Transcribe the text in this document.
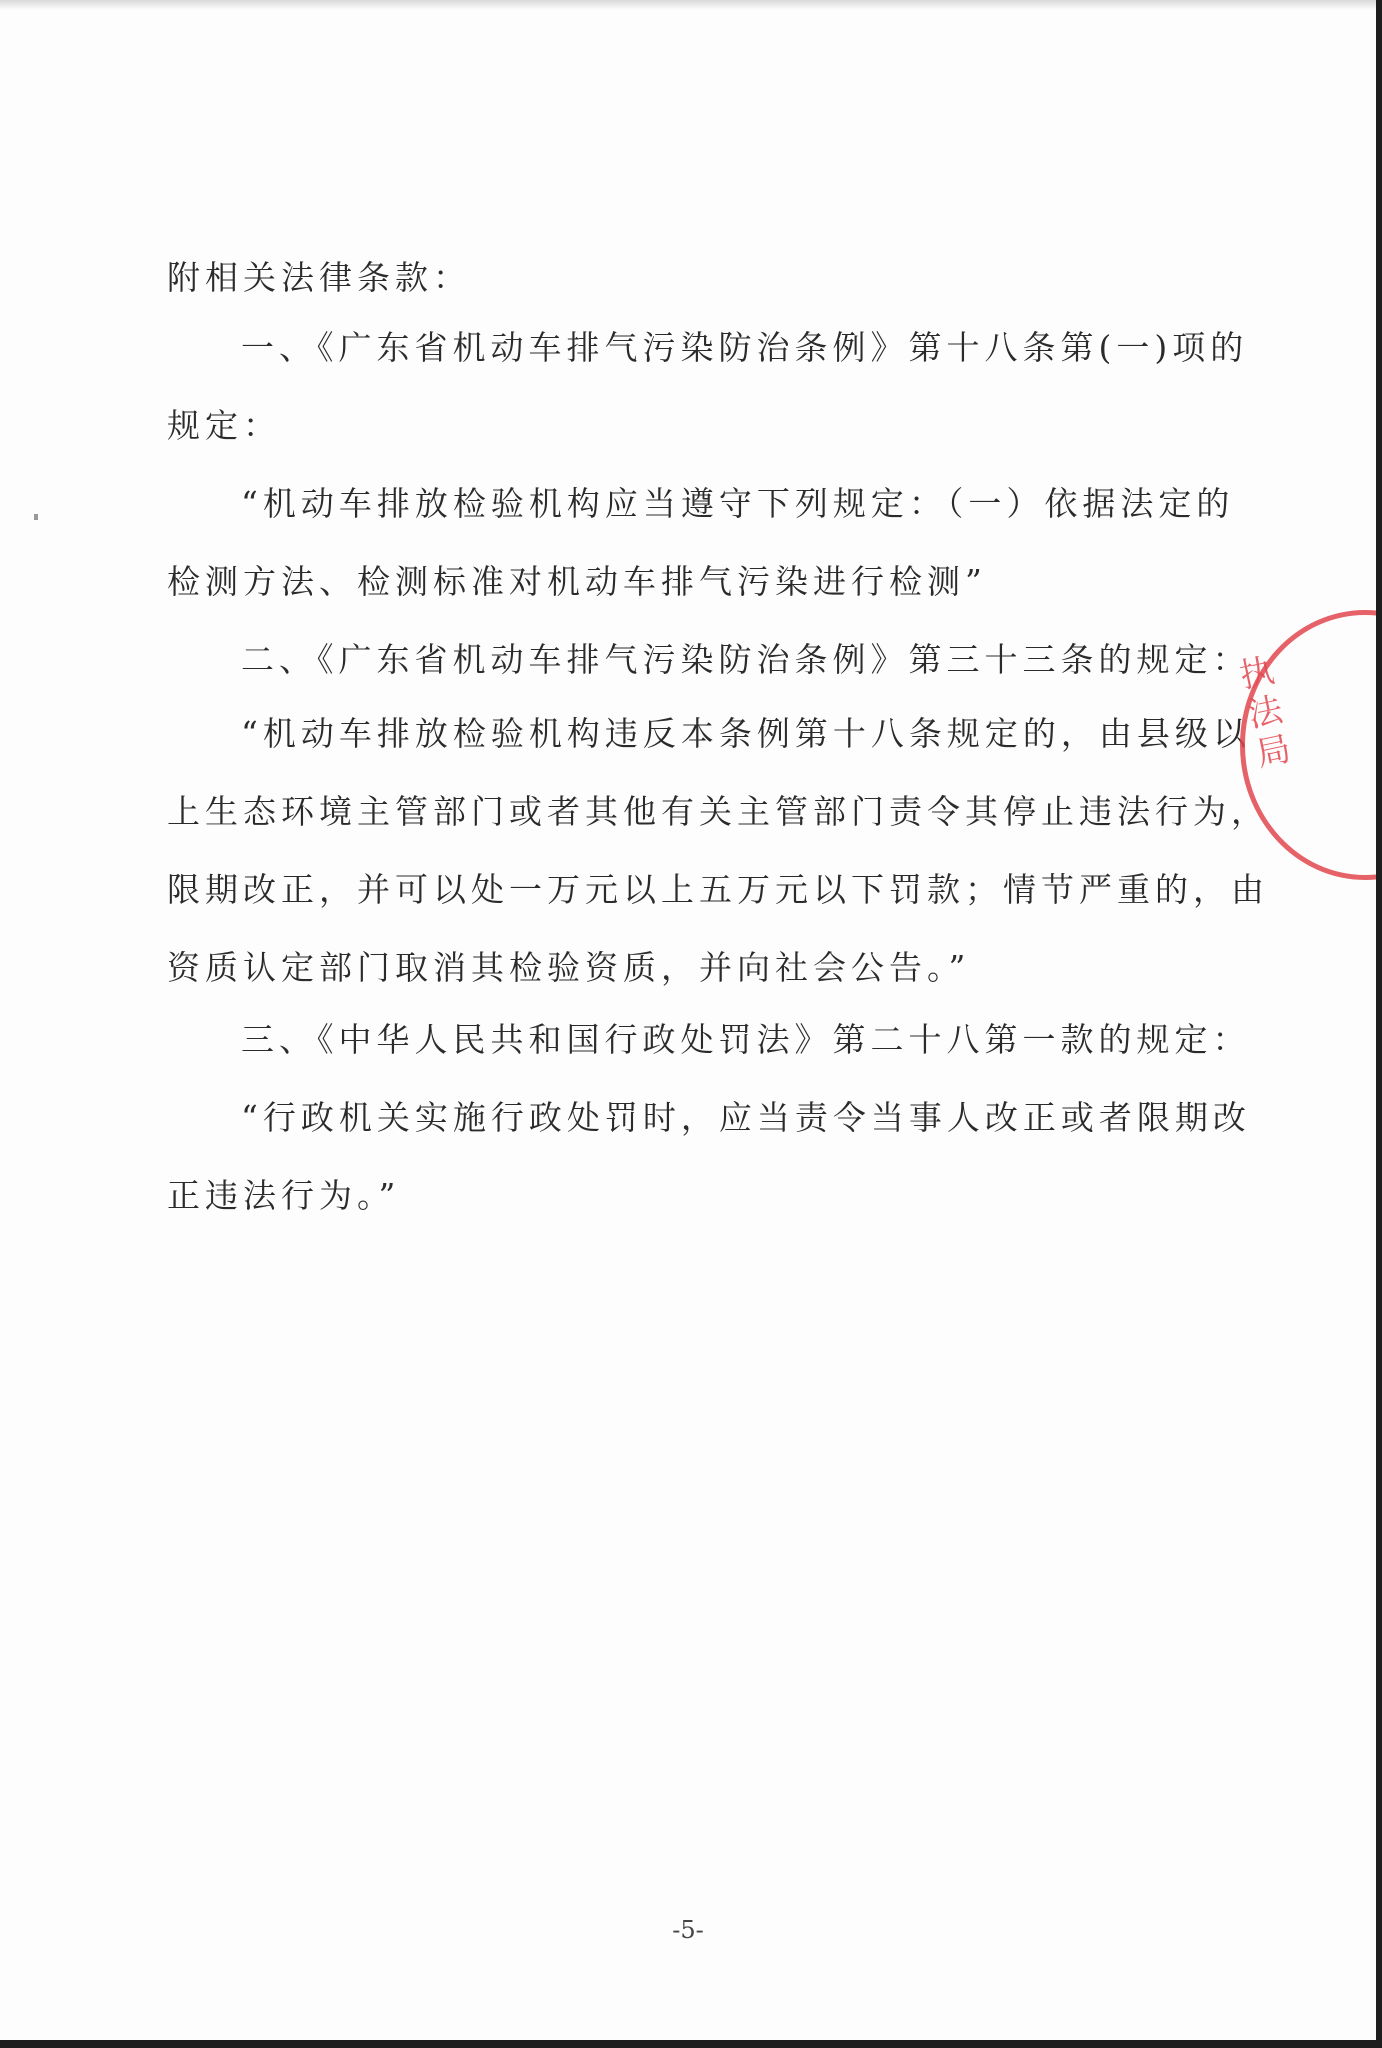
附相关法律条款：
一、《广东省机动车排气污染防治条例》第十八条第(一)项的
规定：
“机动车排放检验机构应当遵守下列规定：（一）依据法定的
检测方法、检测标准对机动车排气污染进行检测”
二、《广东省机动车排气污染防治条例》第三十三条的规定：
“机动车排放检验机构违反本条例第十八条规定的，由县级以
上生态环境主管部门或者其他有关主管部门责令其停止违法行为，
限期改正，并可以处一万元以上五万元以下罚款；情节严重的，由
资质认定部门取消其检验资质，并向社会公告。”
三、《中华人民共和国行政处罚法》第二十八第一款的规定：
“行政机关实施行政处罚时，应当责令当事人改正或者限期改
正违法行为。”
执法局
-5-
